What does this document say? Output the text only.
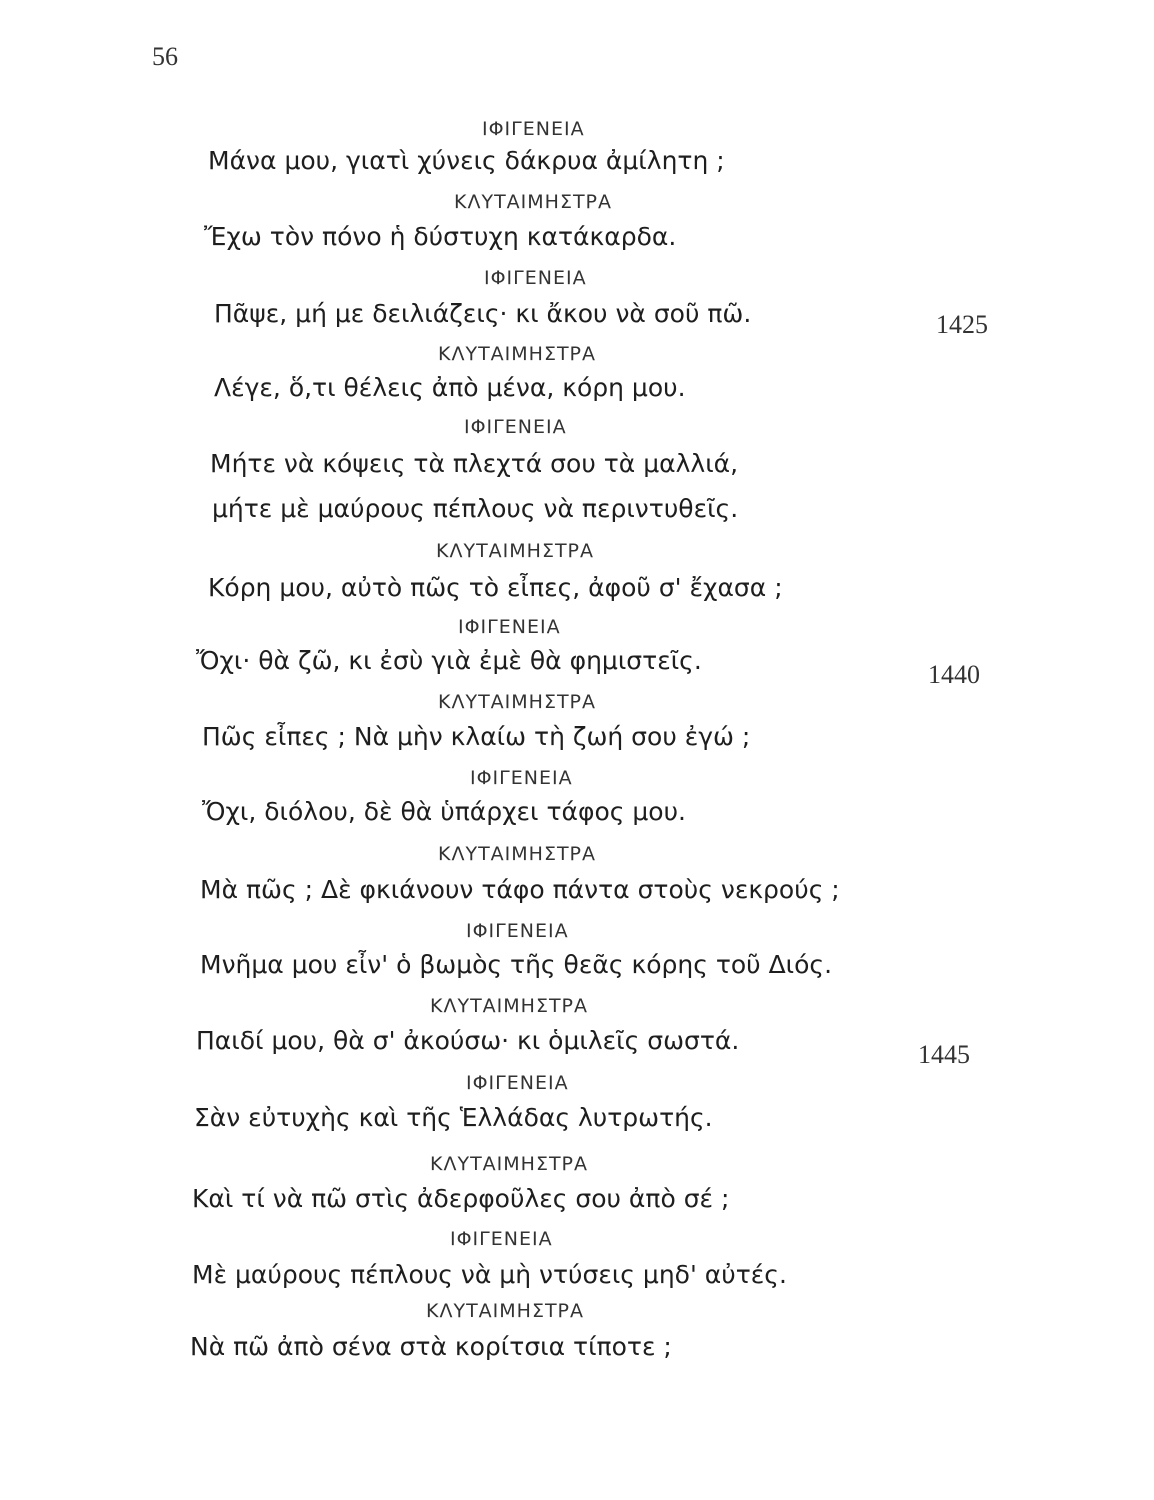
56
1425
1440
1445
ΙΦΙΓΕΝΕΙΑ
Μάνα μου, γιατὶ χύνεις δάκρυα ἀμίλητη ;
ΚΛΥΤΑΙΜΗΣΤΡΑ
Ἔχω τὸν πόνο ἡ δύστυχη κατάκαρδα.
ΙΦΙΓΕΝΕΙΑ
Πᾶψε, μή με δειλιάζεις· κι ἄκου νὰ σοῦ πῶ.
ΚΛΥΤΑΙΜΗΣΤΡΑ
Λέγε, ὅ,τι θέλεις ἀπὸ μένα, κόρη μου.
ΙΦΙΓΕΝΕΙΑ
Μήτε νὰ κόψεις τὰ πλεχτά σου τὰ μαλλιά,
μήτε μὲ μαύρους πέπλους νὰ περιντυθεῖς.
ΚΛΥΤΑΙΜΗΣΤΡΑ
Κόρη μου, αὐτὸ πῶς τὸ εἶπες, ἀφοῦ σ' ἔχασα ;
ΙΦΙΓΕΝΕΙΑ
Ὄχι· θὰ ζῶ, κι ἐσὺ γιὰ ἐμὲ θὰ φημιστεῖς.
ΚΛΥΤΑΙΜΗΣΤΡΑ
Πῶς εἶπες ; Νὰ μὴν κλαίω τὴ ζωή σου ἐγώ ;
ΙΦΙΓΕΝΕΙΑ
Ὄχι, διόλου, δὲ θὰ ὑπάρχει τάφος μου.
ΚΛΥΤΑΙΜΗΣΤΡΑ
Μὰ πῶς ; Δὲ φκιάνουν τάφο πάντα στοὺς νεκρούς ;
ΙΦΙΓΕΝΕΙΑ
Μνῆμα μου εἶν' ὁ βωμὸς τῆς θεᾶς κόρης τοῦ Διός.
ΚΛΥΤΑΙΜΗΣΤΡΑ
Παιδί μου, θὰ σ' ἀκούσω· κι ὁμιλεῖς σωστά.
ΙΦΙΓΕΝΕΙΑ
Σὰν εὐτυχὴς καὶ τῆς Ἑλλάδας λυτρωτής.
ΚΛΥΤΑΙΜΗΣΤΡΑ
Καὶ τί νὰ πῶ στὶς ἀδερφοῦλες σου ἀπὸ σέ ;
ΙΦΙΓΕΝΕΙΑ
Μὲ μαύρους πέπλους νὰ μὴ ντύσεις μηδ' αὐτές.
ΚΛΥΤΑΙΜΗΣΤΡΑ
Νὰ πῶ ἀπὸ σένα στὰ κορίτσια τίποτε ;
